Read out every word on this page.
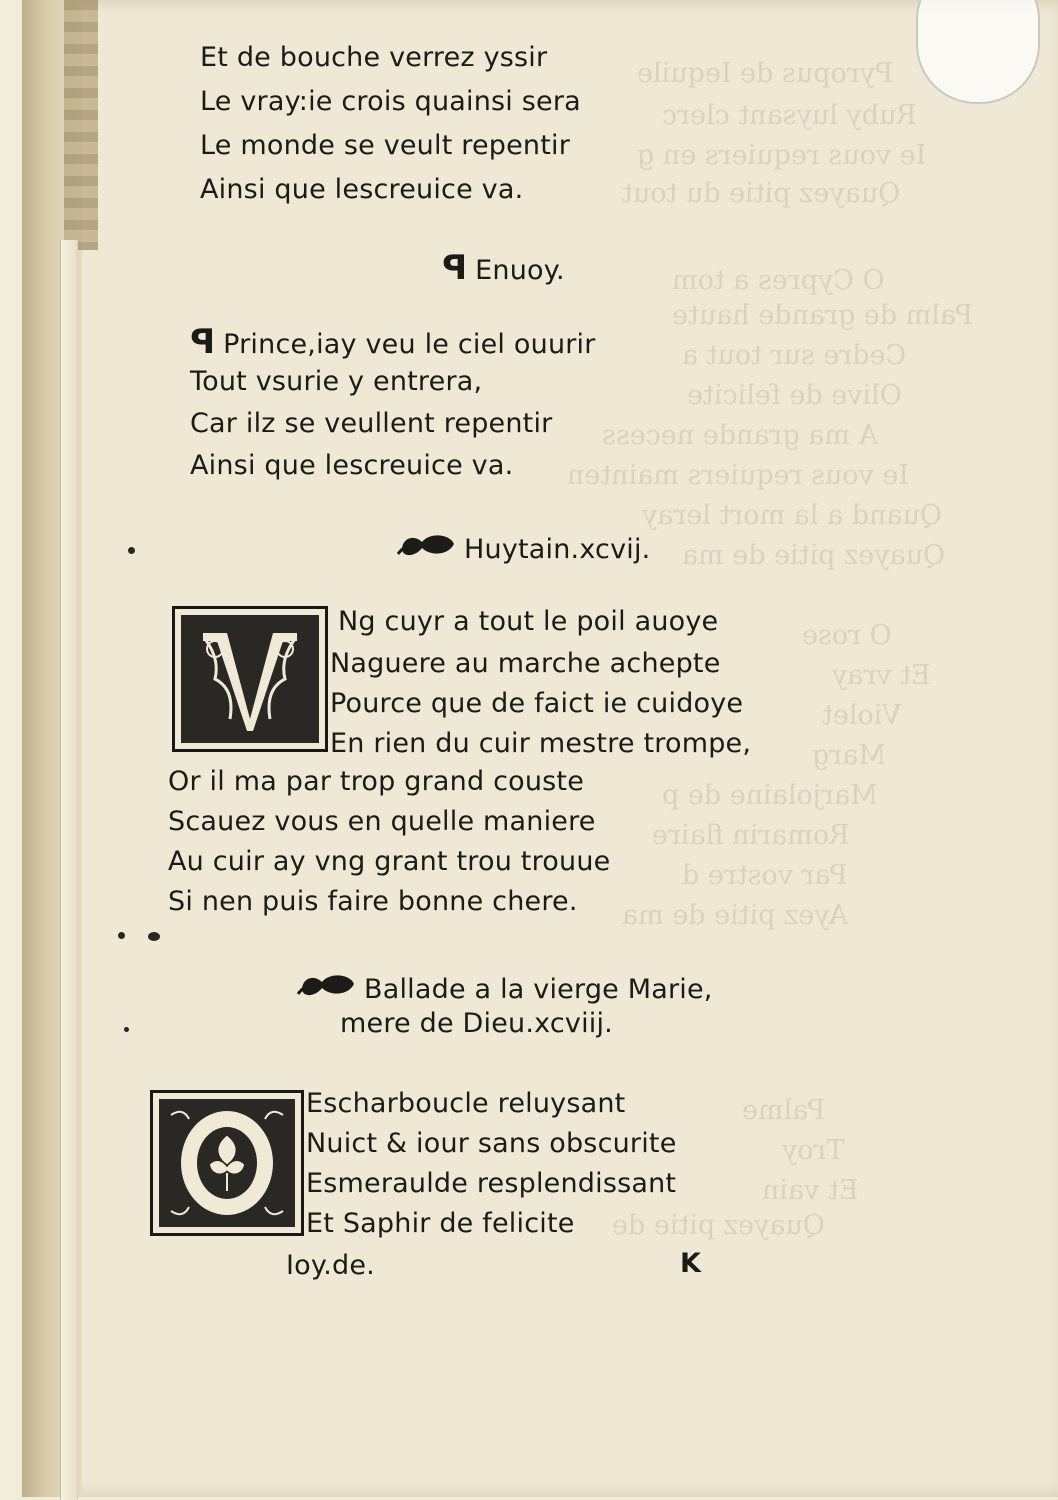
Pyropus de Iequile
Ruby luysant clerc
Ie vous requiers en g
Quayez pitie du tout
O Cypres a tom
Palm de grande haute
Cedre sur tout a
Olive de felicite
A ma grande necess
Ie vous requiers mainten
Quand a la mort leray
Quayez pitie de ma
O rose
Et vray
Violet
Marg
Marjolaine de p
Romarin flaire
Par vostre d
Ayez pitie de ma
Palme
Troy
Et vain
Quayez pitie de
Et de bouche verrez yssir
Le vray:ie crois quainsi sera
Le monde se veult repentir
Ainsi que lescreuice va.
P Enuoy.
P Prince,iay veu le ciel ouurir
Tout vsurie y entrera,
Car ilz se veullent repentir
Ainsi que lescreuice va.
Huytain.xcvij.
Ng cuyr a tout le poil auoye
Naguere au marche achepte
Pource que de faict ie cuidoye
En rien du cuir mestre trompe,
Or il ma par trop grand couste
Scauez vous en quelle maniere
Au cuir ay vng grant trou trouue
Si nen puis faire bonne chere.
Ballade a la vierge Marie,
mere de Dieu.xcviij.
Escharboucle reluysant
Nuict & iour sans obscurite
Esmeraulde resplendissant
Et Saphir de felicite
Ioy.de.	K
